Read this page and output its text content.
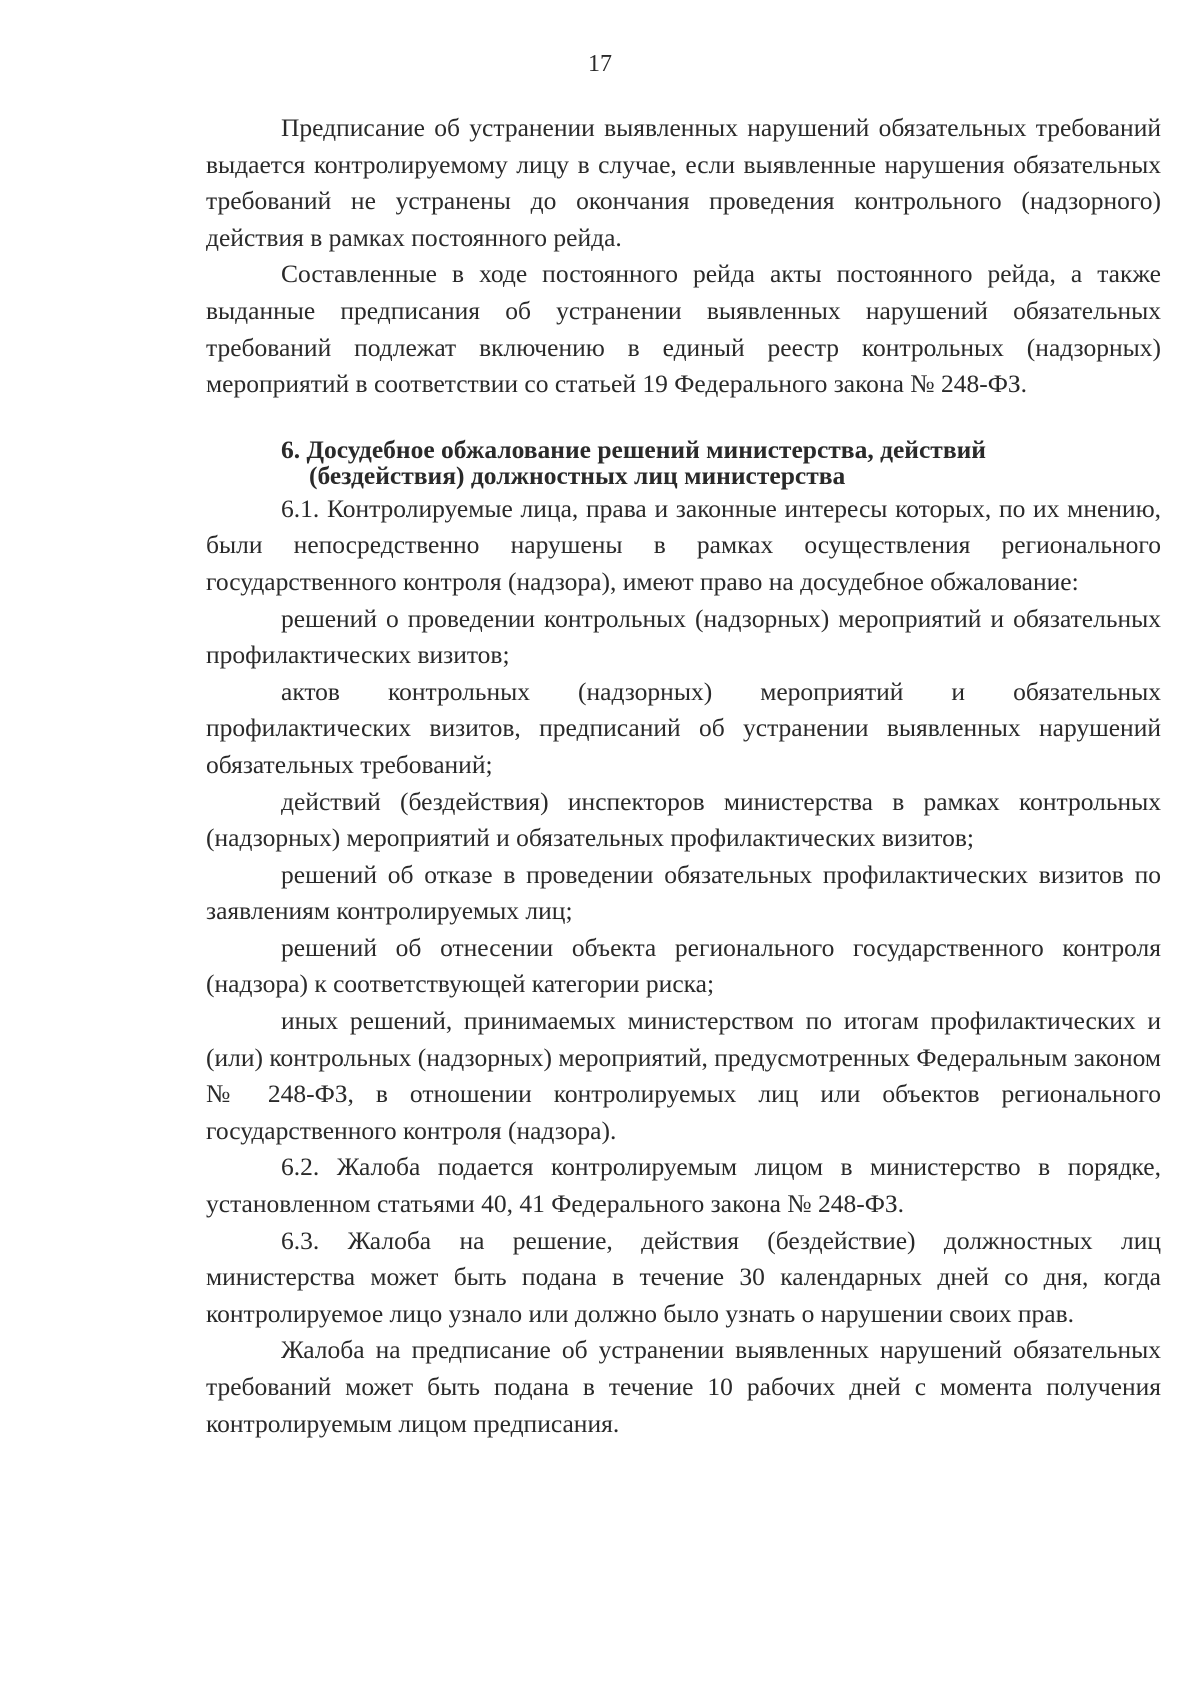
17

Предписание об устранении выявленных нарушений обязательных требований выдается контролируемому лицу в случае, если выявленные нарушения обязательных требований не устранены до окончания проведения контрольного (надзорного) действия в рамках постоянного рейда.

Составленные в ходе постоянного рейда акты постоянного рейда, а также выданные предписания об устранении выявленных нарушений обязательных требований подлежат включению в единый реестр контрольных (надзорных) мероприятий в соответствии со статьей 19 Федерального закона № 248-ФЗ.

6. Досудебное обжалование решений министерства, действий
(бездействия) должностных лиц министерства

6.1. Контролируемые лица, права и законные интересы которых, по их мнению, были непосредственно нарушены в рамках осуществления регионального государственного контроля (надзора), имеют право на досудебное обжалование:

решений о проведении контрольных (надзорных) мероприятий и обязательных профилактических визитов;

актов контрольных (надзорных) мероприятий и обязательных профилактических визитов, предписаний об устранении выявленных нарушений обязательных требований;

действий (бездействия) инспекторов министерства в рамках контрольных (надзорных) мероприятий и обязательных профилактических визитов;

решений об отказе в проведении обязательных профилактических визитов по заявлениям контролируемых лиц;

решений об отнесении объекта регионального государственного контроля (надзора) к соответствующей категории риска;

иных решений, принимаемых министерством по итогам профилактических и (или) контрольных (надзорных) мероприятий, предусмотренных Федеральным законом № 248-ФЗ, в отношении контролируемых лиц или объектов регионального государственного контроля (надзора).

6.2. Жалоба подается контролируемым лицом в министерство в порядке, установленном статьями 40, 41 Федерального закона № 248-ФЗ.

6.3. Жалоба на решение, действия (бездействие) должностных лиц министерства может быть подана в течение 30 календарных дней со дня, когда контролируемое лицо узнало или должно было узнать о нарушении своих прав.

Жалоба на предписание об устранении выявленных нарушений обязательных требований может быть подана в течение 10 рабочих дней с момента получения контролируемым лицом предписания.
